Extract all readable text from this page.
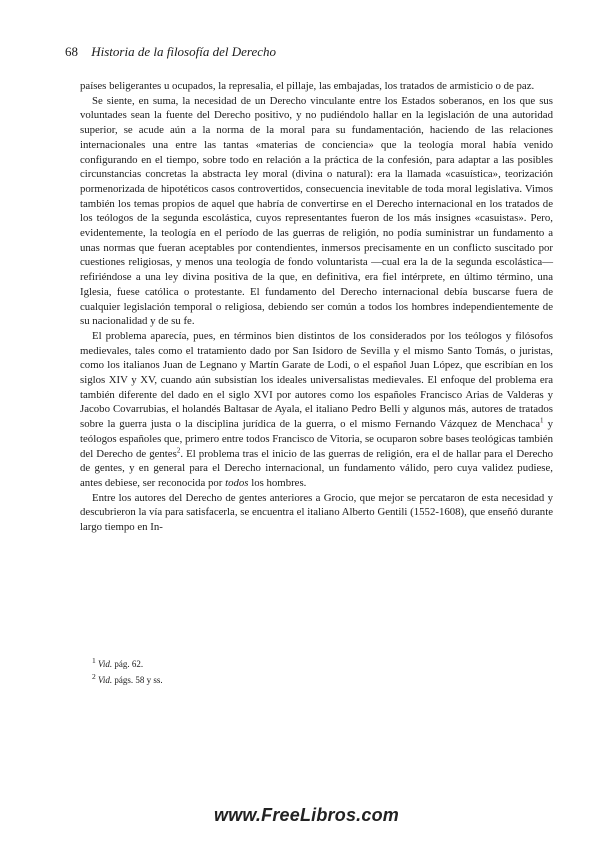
68 Historia de la filosofía del Derecho

países beligerantes u ocupados, la represalia, el pillaje, las embajadas, los tratados de armisticio o de paz.

Se siente, en suma, la necesidad de un Derecho vinculante entre los Estados soberanos, en los que sus voluntades sean la fuente del Derecho positivo, y no pudiéndolo hallar en la legislación de una autoridad superior, se acude aún a la norma de la moral para su fundamentación, haciendo de las relaciones internacionales una entre las tantas «materias de conciencia» que la teología moral había venido configurando en el tiempo, sobre todo en relación a la práctica de la confesión, para adaptar a las posibles circunstancias concretas la abstracta ley moral (divina o natural): era la llamada «casuística», teorización pormenorizada de hipotéticos casos controvertidos, consecuencia inevitable de toda moral legislativa. Vimos también los temas propios de aquel que habría de convertirse en el Derecho internacional en los tratados de los teólogos de la segunda escolástica, cuyos representantes fueron de los más insignes «casuistas». Pero, evidentemente, la teología en el período de las guerras de religión, no podía suministrar un fundamento a unas normas que fueran aceptables por contendientes, inmersos precisamente en un conflicto suscitado por cuestiones religiosas, y menos una teología de fondo voluntarista —cual era la de la segunda escolástica— refiriéndose a una ley divina positiva de la que, en definitiva, era fiel intérprete, en último término, una Iglesia, fuese católica o protestante. El fundamento del Derecho internacional debía buscarse fuera de cualquier legislación temporal o religiosa, debiendo ser común a todos los hombres independientemente de su nacionalidad y de su fe.

El problema aparecía, pues, en términos bien distintos de los considerados por los teólogos y filósofos medievales, tales como el tratamiento dado por San Isidoro de Sevilla y el mismo Santo Tomás, o juristas, como los italianos Juan de Legnano y Martín Garate de Lodi, o el español Juan López, que escribían en los siglos XIV y XV, cuando aún subsistían los ideales universalistas medievales. El enfoque del problema era también diferente del dado en el siglo XVI por autores como los españoles Francisco Arias de Valderas y Jacobo Covarrubias, el holandés Baltasar de Ayala, el italiano Pedro Belli y algunos más, autores de tratados sobre la guerra justa o la disciplina jurídica de la guerra, o el mismo Fernando Vázquez de Menchaca$^1$ y teólogos españoles que, primero entre todos Francisco de Vitoria, se ocuparon sobre bases teológicas también del Derecho de gentes$^2$. El problema tras el inicio de las guerras de religión, era el de hallar para el Derecho de gentes, y en general para el Derecho internacional, un fundamento válido, pero cuya validez pudiese, antes debiese, ser reconocida por todos los hombres.

Entre los autores del Derecho de gentes anteriores a Grocio, que mejor se percataron de esta necesidad y descubrieron la vía para satisfacerla, se encuentra el italiano Alberto Gentili (1552-1608), que enseñó durante largo tiempo en In-

$^1$ Vid. pág. 62.
$^2$ Vid. págs. 58 y ss.
www.FreeLibros.com
